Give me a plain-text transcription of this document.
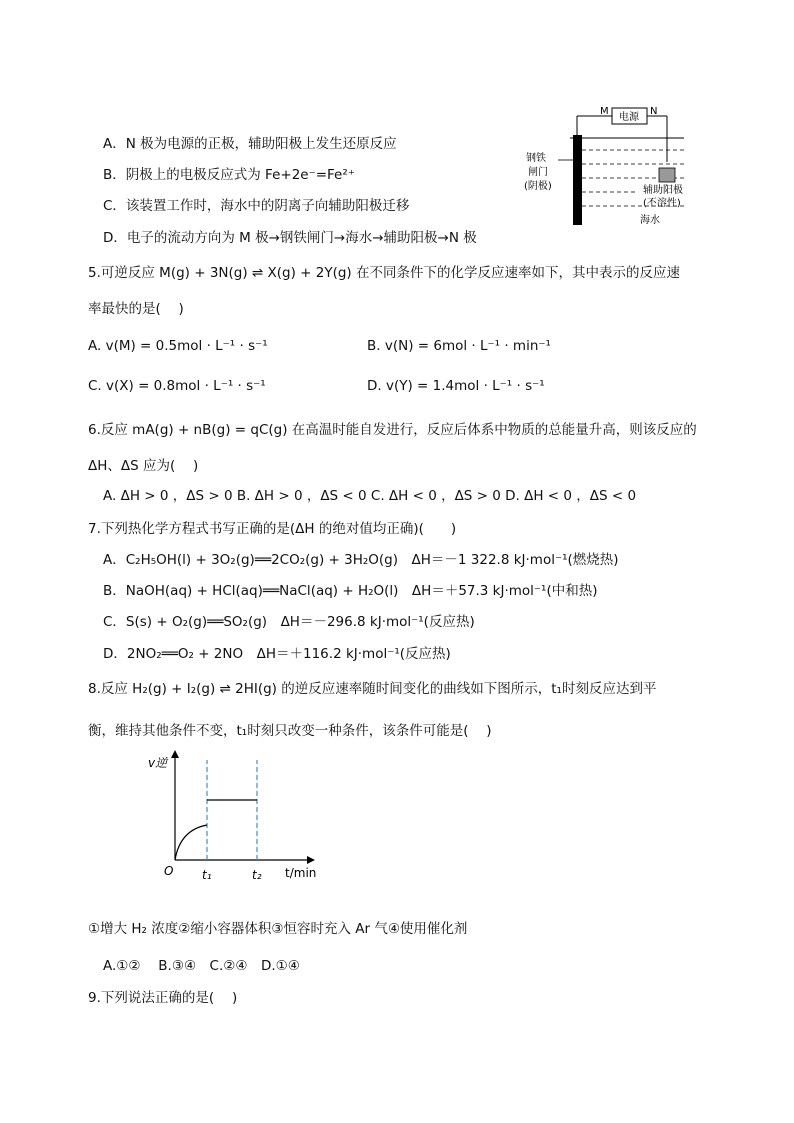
A．N 极为电源的正极，辅助阳极上发生还原反应
B．阴极上的电极反应式为 Fe+2e⁻=Fe²⁺
C．该装置工作时，海水中的阴离子向辅助阳极迁移
D．电子的流动方向为 M 极→钢铁闸门→海水→辅助阳极→N 极
电源
M	N
钢铁
闸门
(阴极)	辅助阳极
(不溶性)
海水
5.可逆反应 M(g) + 3N(g) ⇌ X(g) + 2Y(g) 在不同条件下的化学反应速率如下，其中表示的反应速
率最快的是(　 )
A. v(M) = 0.5mol · L⁻¹ · s⁻¹	B. v(N) = 6mol · L⁻¹ · min⁻¹
C. v(X) = 0.8mol · L⁻¹ · s⁻¹	D. v(Y) = 1.4mol · L⁻¹ · s⁻¹
6.反应 mA(g) + nB(g) = qC(g) 在高温时能自发进行，反应后体系中物质的总能量升高，则该反应的
ΔH、ΔS 应为(　 )
A. ΔH > 0 ，ΔS > 0 B. ΔH > 0 ，ΔS < 0 C. ΔH < 0 ，ΔS > 0 D. ΔH < 0 ，ΔS < 0
7.下列热化学方程式书写正确的是(ΔH 的绝对值均正确)(　　)
A．C₂H₅OH(l) + 3O₂(g)══2CO₂(g) + 3H₂O(g)　ΔH＝－1 322.8 kJ·mol⁻¹(燃烧热)
B．NaOH(aq) + HCl(aq)══NaCl(aq) + H₂O(l)　ΔH＝＋57.3 kJ·mol⁻¹(中和热)
C．S(s) + O₂(g)══SO₂(g)　ΔH＝－296.8 kJ·mol⁻¹(反应热)
D．2NO₂══O₂ + 2NO　ΔH＝＋116.2 kJ·mol⁻¹(反应热)
8.反应 H₂(g) + I₂(g) ⇌ 2HI(g) 的逆反应速率随时间变化的曲线如下图所示，t₁时刻反应达到平
衡，维持其他条件不变，t₁时刻只改变一种条件，该条件可能是(　 )
v逆
O t₁	t₂ t/min
①增大 H₂ 浓度②缩小容器体积③恒容时充入 Ar 气④使用催化剂
A.①②　 B.③④　C.②④　D.①④
9.下列说法正确的是(　 )
